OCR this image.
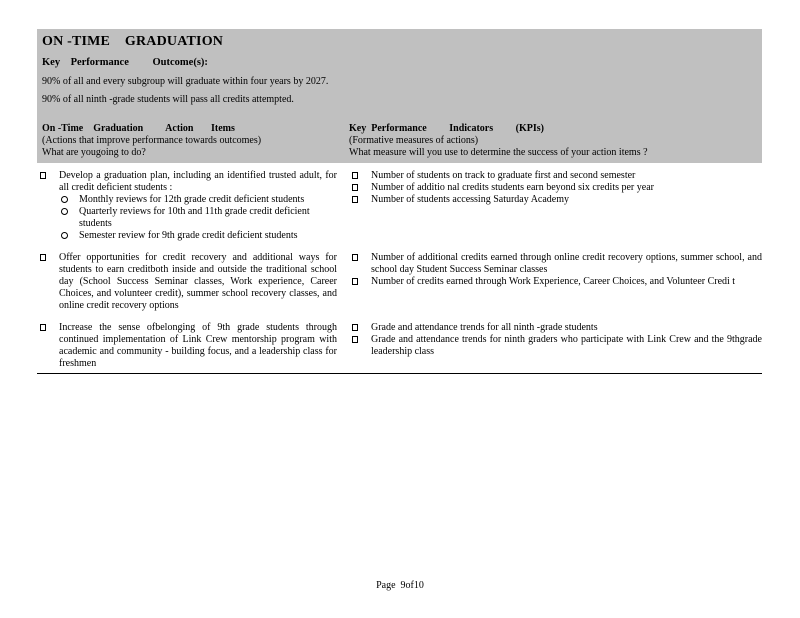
ON -TIME    GRADUATION
Key    Performance         Outcome(s):
90% of all and every subgroup will graduate within four years by 2027.
90% of all ninth -grade students will pass all credits attempted.
On -Time    Graduation         Action       Items
(Actions that improve performance towards outcomes)
What are yougoing to do?
Key  Performance         Indicators         (KPIs)
(Formative measures of actions)
What measure will you use to determine the success of your action items ?
Develop a graduation plan, including an identified trusted adult, for all credit deficient students :
Monthly reviews for 12th grade credit deficient students
Quarterly reviews for 10th and 11th grade credit deficient students
Semester review for 9th grade credit deficient students
Number of students on track to graduate first and second semester
Number of additio nal credits students earn beyond six credits per year
Number of students accessing Saturday Academy
Offer opportunities for credit recovery and additional ways for students to earn creditboth inside and outside the traditional school day (School Success Seminar classes, Work experience, Career Choices, and volunteer credit), summer school recovery classes, and online credit recovery options
Number of additional credits earned through online credit recovery options, summer school, and school day Student Success Seminar classes
Number of credits earned through Work Experience, Career Choices, and Volunteer Credi t
Increase the sense ofbelonging of 9th grade students through continued implementation of Link Crew mentorship program with academic and community - building focus, and a leadership class for freshmen
Grade and attendance trends for all ninth -grade students
Grade and attendance trends for ninth graders who participate with Link Crew and the 9thgrade leadership class
Page  9of10
